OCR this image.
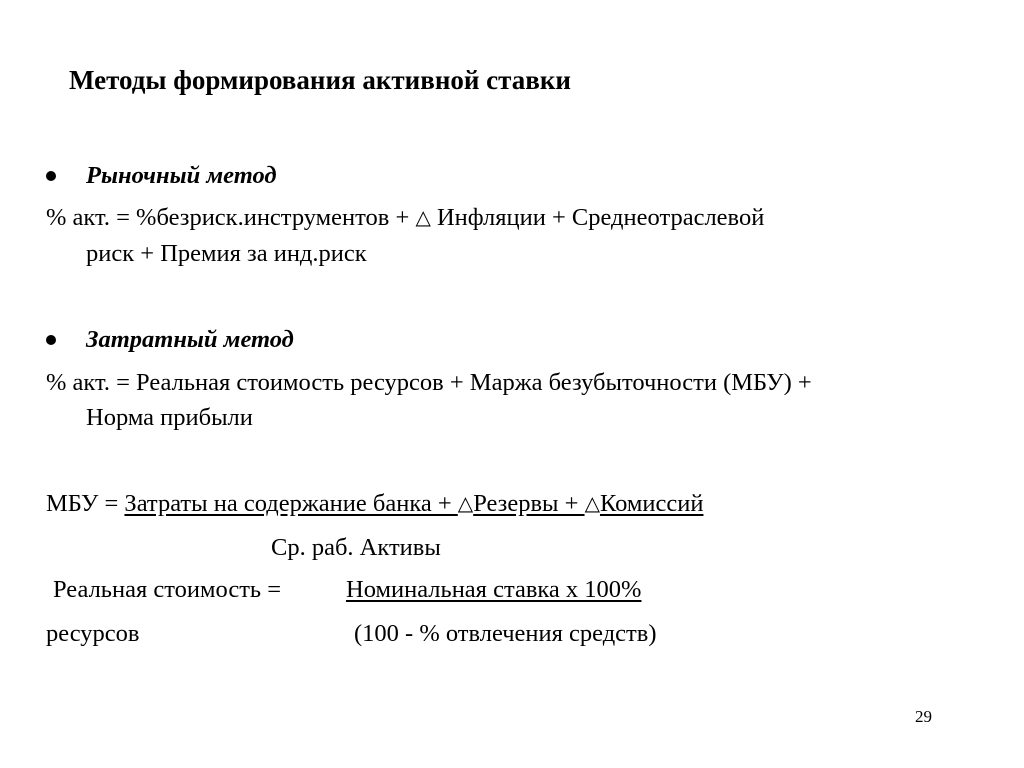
Методы формирования активной ставки
Рыночный метод
% акт. = %безриск.инструментов + △ Инфляции + Среднеотраслевой
риск + Премия за инд.риск
Затратный метод
% акт. = Реальная стоимость ресурсов + Маржа безубыточности (МБУ) +
Норма прибыли
МБУ = Затраты на содержание банка + △Резервы + △Комиссий
Ср. раб. Активы
Реальная стоимость =	Номинальная ставка х 100%
ресурсов	(100 - % отвлечения средств)
29
